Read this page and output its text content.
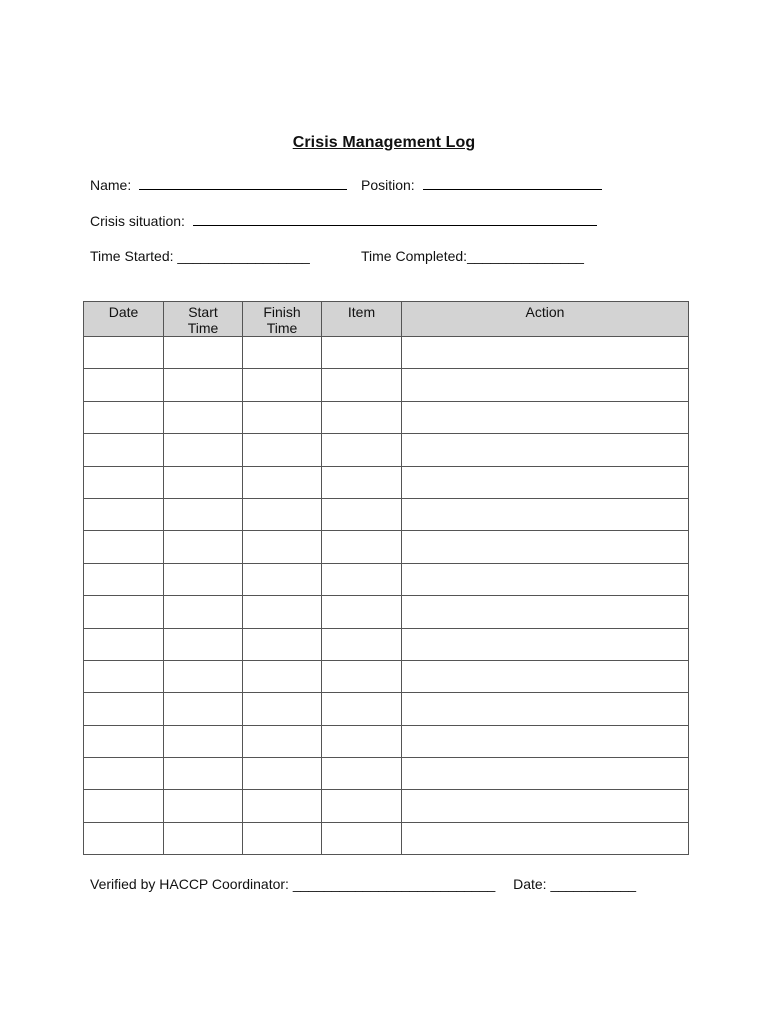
Crisis Management Log
Name:	Position:
Crisis situation:
Time Started: _________________	Time Completed:_______________
Date	Start Time	Finish Time	Item	Action

Verified by HACCP Coordinator: __________________________ Date: ___________
